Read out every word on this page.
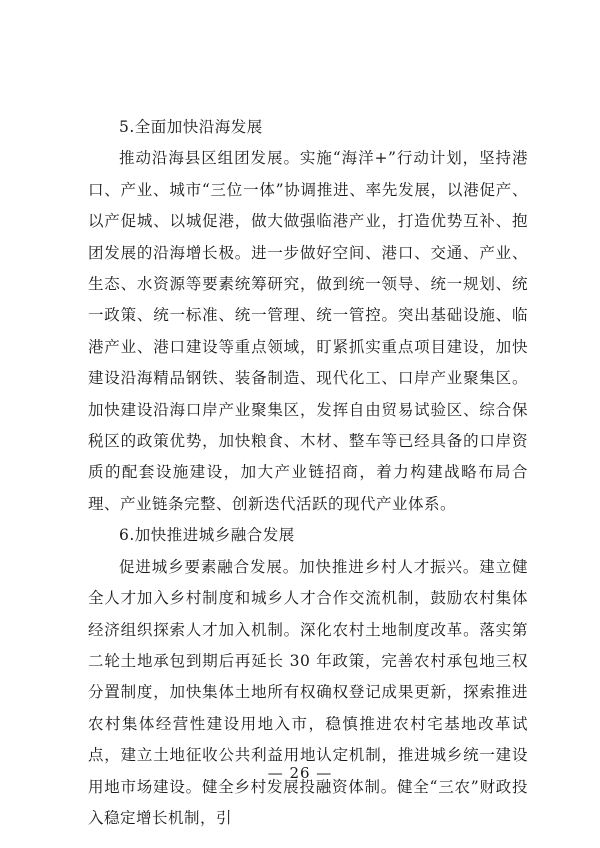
5.全面加快沿海发展

推动沿海县区组团发展。实施“海洋+”行动计划，坚持港口、产业、城市“三位一体”协调推进、率先发展，以港促产、以产促城、以城促港，做大做强临港产业，打造优势互补、抱团发展的沿海增长极。进一步做好空间、港口、交通、产业、生态、水资源等要素统筹研究，做到统一领导、统一规划、统一政策、统一标准、统一管理、统一管控。突出基础设施、临港产业、港口建设等重点领域，盯紧抓实重点项目建设，加快建设沿海精品钢铁、装备制造、现代化工、口岸产业聚集区。加快建设沿海口岸产业聚集区，发挥自由贸易试验区、综合保税区的政策优势，加快粮食、木材、整车等已经具备的口岸资质的配套设施建设，加大产业链招商，着力构建战略布局合理、产业链条完整、创新迭代活跃的现代产业体系。

6.加快推进城乡融合发展

促进城乡要素融合发展。加快推进乡村人才振兴。建立健全人才加入乡村制度和城乡人才合作交流机制，鼓励农村集体经济组织探索人才加入机制。深化农村土地制度改革。落实第二轮土地承包到期后再延长 30 年政策，完善农村承包地三权分置制度，加快集体土地所有权确权登记成果更新，探索推进农村集体经营性建设用地入市，稳慎推进农村宅基地改革试点，建立土地征收公共利益用地认定机制，推进城乡统一建设用地市场建设。健全乡村发展投融资体制。健全“三农”财政投入稳定增长机制，引

— 26 —
